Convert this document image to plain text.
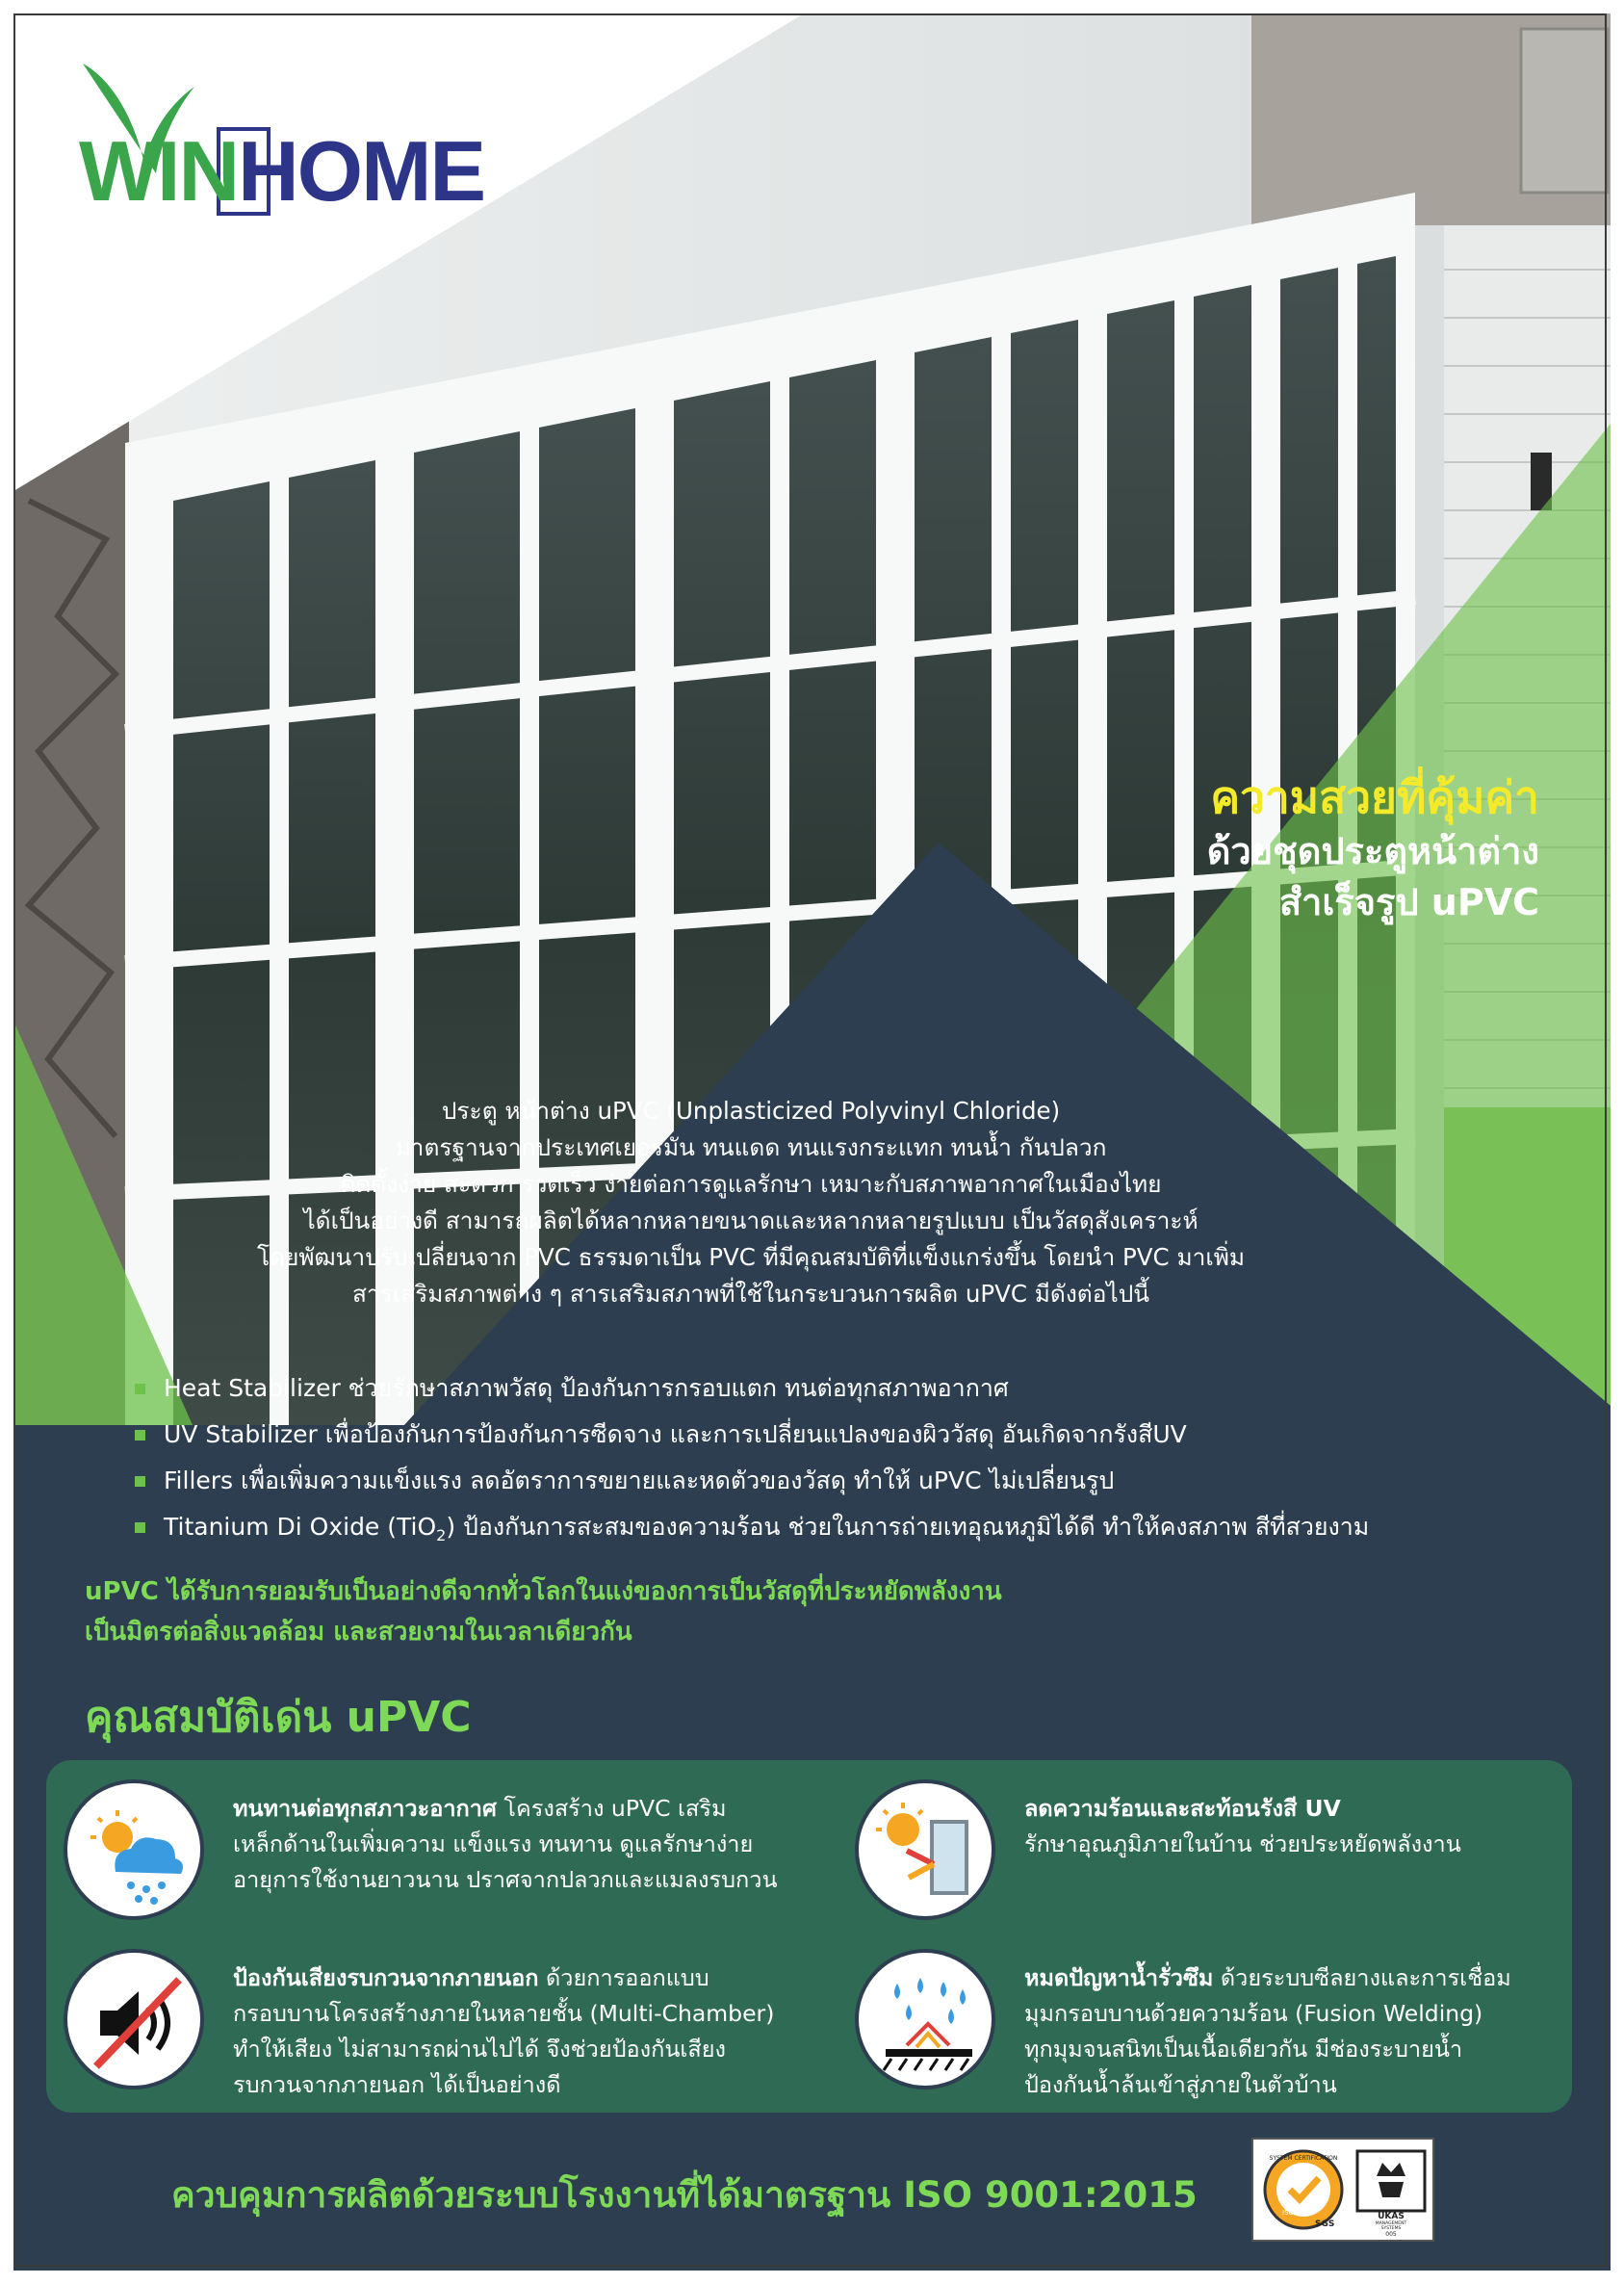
WINHOME
ความสวยที่คุ้มค่า
ด้วยชุดประตูหน้าต่าง
สำเร็จรูป uPVC
ประตู หน้าต่าง uPVC (Unplasticized Polyvinyl Chloride)
มาตรฐานจากประเทศเยอรมัน ทนแดด ทนแรงกระแทก ทนน้ำ กันปลวก
ติดตั้งง่าย สะดวก รวดเร็ว ง่ายต่อการดูแลรักษา เหมาะกับสภาพอากาศในเมืองไทย
ได้เป็นอย่างดี สามารถผลิตได้หลากหลายขนาดและหลากหลายรูปแบบ เป็นวัสดุสังเคราะห์
โดยพัฒนาปรับเปลี่ยนจาก PVC ธรรมดาเป็น PVC ที่มีคุณสมบัติที่แข็งแกร่งขึ้น โดยนำ PVC มาเพิ่ม
สารเสริมสภาพต่าง ๆ สารเสริมสภาพที่ใช้ในกระบวนการผลิต uPVC มีดังต่อไปนี้
Heat Stabilizer ช่วยรักษาสภาพวัสดุ ป้องกันการกรอบแตก ทนต่อทุกสภาพอากาศ
UV Stabilizer เพื่อป้องกันการป้องกันการซีดจาง และการเปลี่ยนแปลงของผิววัสดุ อันเกิดจากรังสีUV
Fillers เพื่อเพิ่มความแข็งแรง ลดอัตราการขยายและหดตัวของวัสดุ ทำให้ uPVC ไม่เปลี่ยนรูป
Titanium Di Oxide (TiO$_2$) ป้องกันการสะสมของความร้อน ช่วยในการถ่ายเทอุณหภูมิได้ดี ทำให้คงสภาพ สีที่สวยงาม
uPVC ได้รับการยอมรับเป็นอย่างดีจากทั่วโลกในแง่ของการเป็นวัสดุที่ประหยัดพลังงาน
เป็นมิตรต่อสิ่งแวดล้อม และสวยงามในเวลาเดียวกัน
คุณสมบัติเด่น uPVC
ทนทานต่อทุกสภาวะอากาศ โครงสร้าง uPVC เสริม
เหล็กด้านในเพิ่มความ แข็งแรง ทนทาน ดูแลรักษาง่าย
อายุการใช้งานยาวนาน ปราศจากปลวกและแมลงรบกวน
ลดความร้อนและสะท้อนรังสี UV
รักษาอุณภูมิภายในบ้าน ช่วยประหยัดพลังงาน
ป้องกันเสียงรบกวนจากภายนอก ด้วยการออกแบบ
กรอบบานโครงสร้างภายในหลายชั้น (Multi-Chamber)
ทำให้เสียง ไม่สามารถผ่านไปได้ จึงช่วยป้องกันเสียง
รบกวนจากภายนอก ได้เป็นอย่างดี
หมดปัญหาน้ำรั่วซึม ด้วยระบบซีลยางและการเชื่อม
มุมกรอบบานด้วยความร้อน (Fusion Welding)
ทุกมุมจนสนิทเป็นเนื้อเดียวกัน มีช่องระบายน้ำ
ป้องกันน้ำล้นเข้าสู่ภายในตัวบ้าน
ควบคุมการผลิตด้วยระบบโรงงานที่ได้มาตรฐาน ISO 9001:2015
SYSTEM CERTIFICATION
ISO 9001
SGS
UKAS
MANAGEMENT
SYSTEMS
005
